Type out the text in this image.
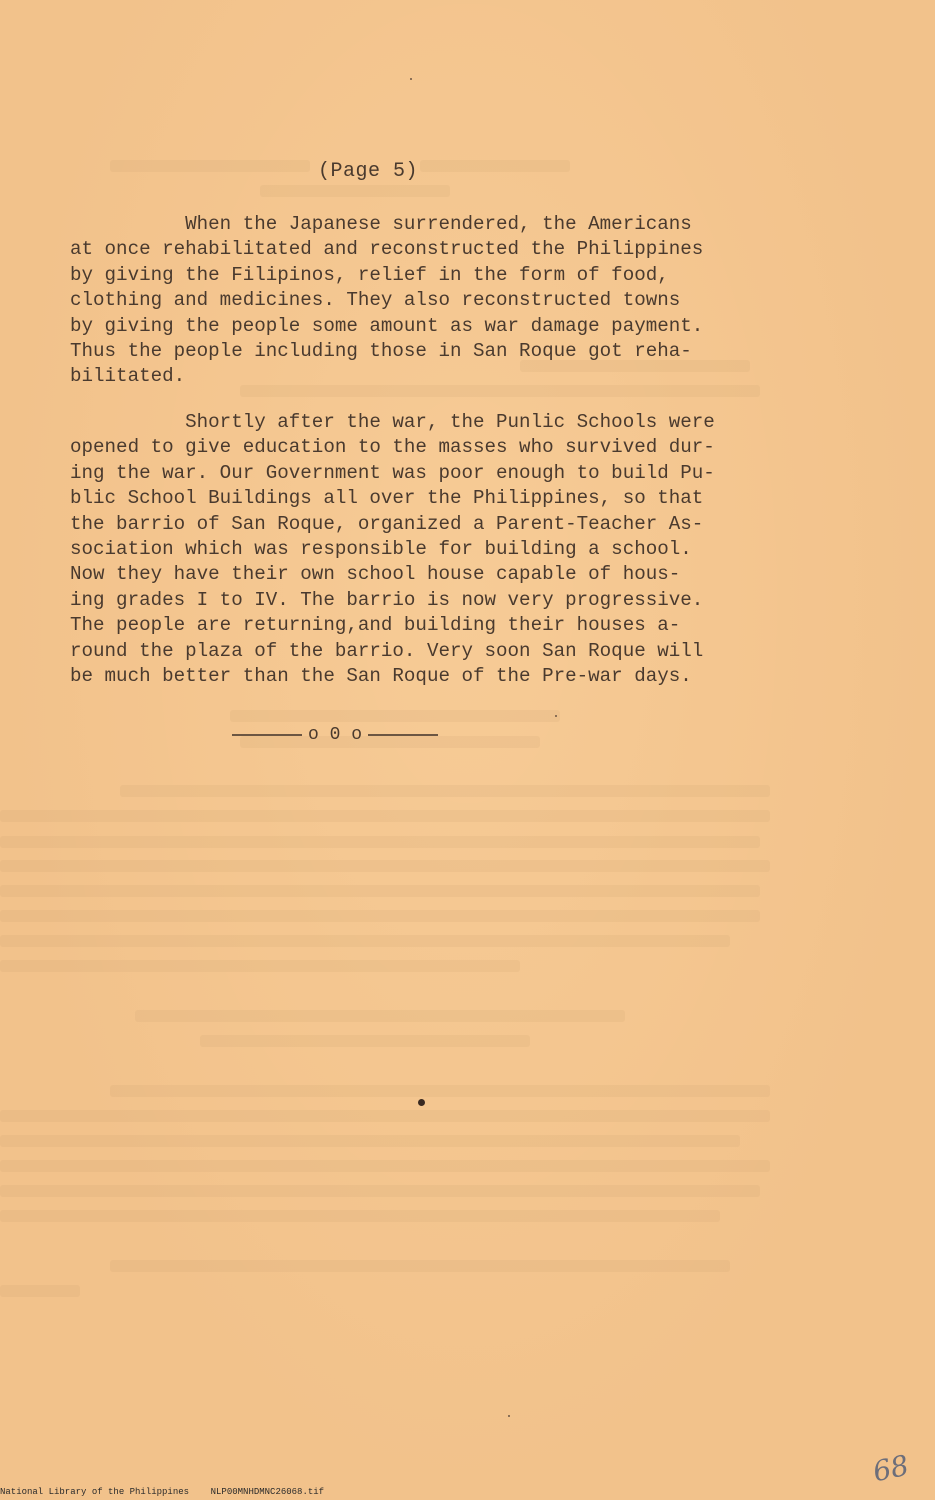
(Page 5)
When the Japanese surrendered, the Americans
at once rehabilitated and reconstructed the Philippines
by giving the Filipinos, relief in the form of food,
clothing and medicines. They also reconstructed towns
by giving the people some amount as war damage payment.
Thus the people including those in San Roque got reha-
bilitated.
Shortly after the war, the Punlic Schools were
opened to give education to the masses who survived dur-
ing the war. Our Government was poor enough to build Pu-
blic School Buildings all over the Philippines, so that
the barrio of San Roque, organized a Parent-Teacher As-
sociation which was responsible for building a school.
Now they have their own school house capable of hous-
ing grades I to IV. The barrio is now very progressive.
The people are returning,and building their houses a-
round the plaza of the barrio. Very soon San Roque will
be much better than the San Roque of the Pre-war days.
o 0 o
68
National Library of the Philippines    NLP00MNHDMNC26068.tif
